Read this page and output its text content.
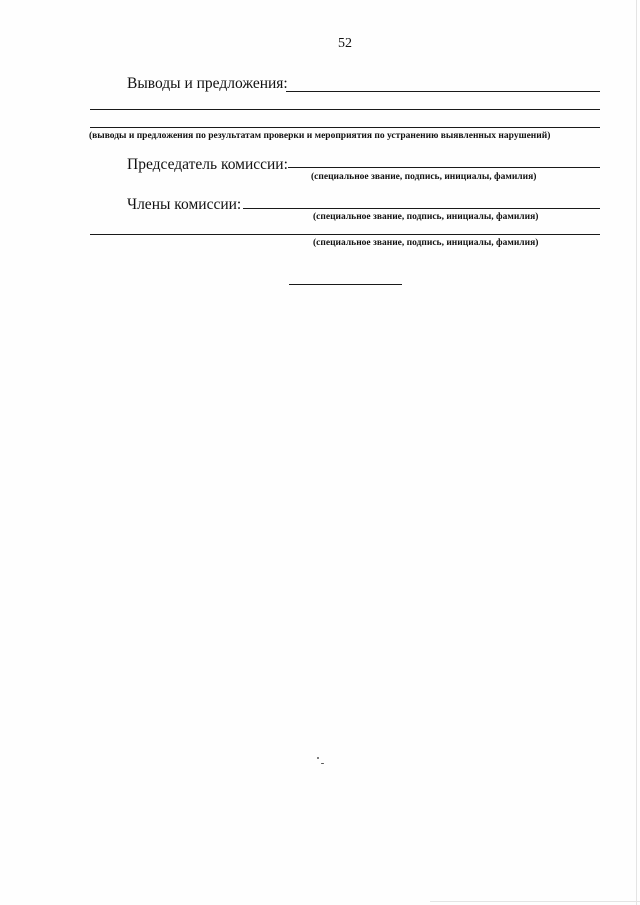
52
Выводы и предложения:
(выводы и предложения по результатам проверки и мероприятия по устранению выявленных нарушений)
Председатель комиссии:
(специальное звание, подпись, инициалы, фамилия)
Члены комиссии:
(специальное звание, подпись, инициалы, фамилия)
(специальное звание, подпись, инициалы, фамилия)
